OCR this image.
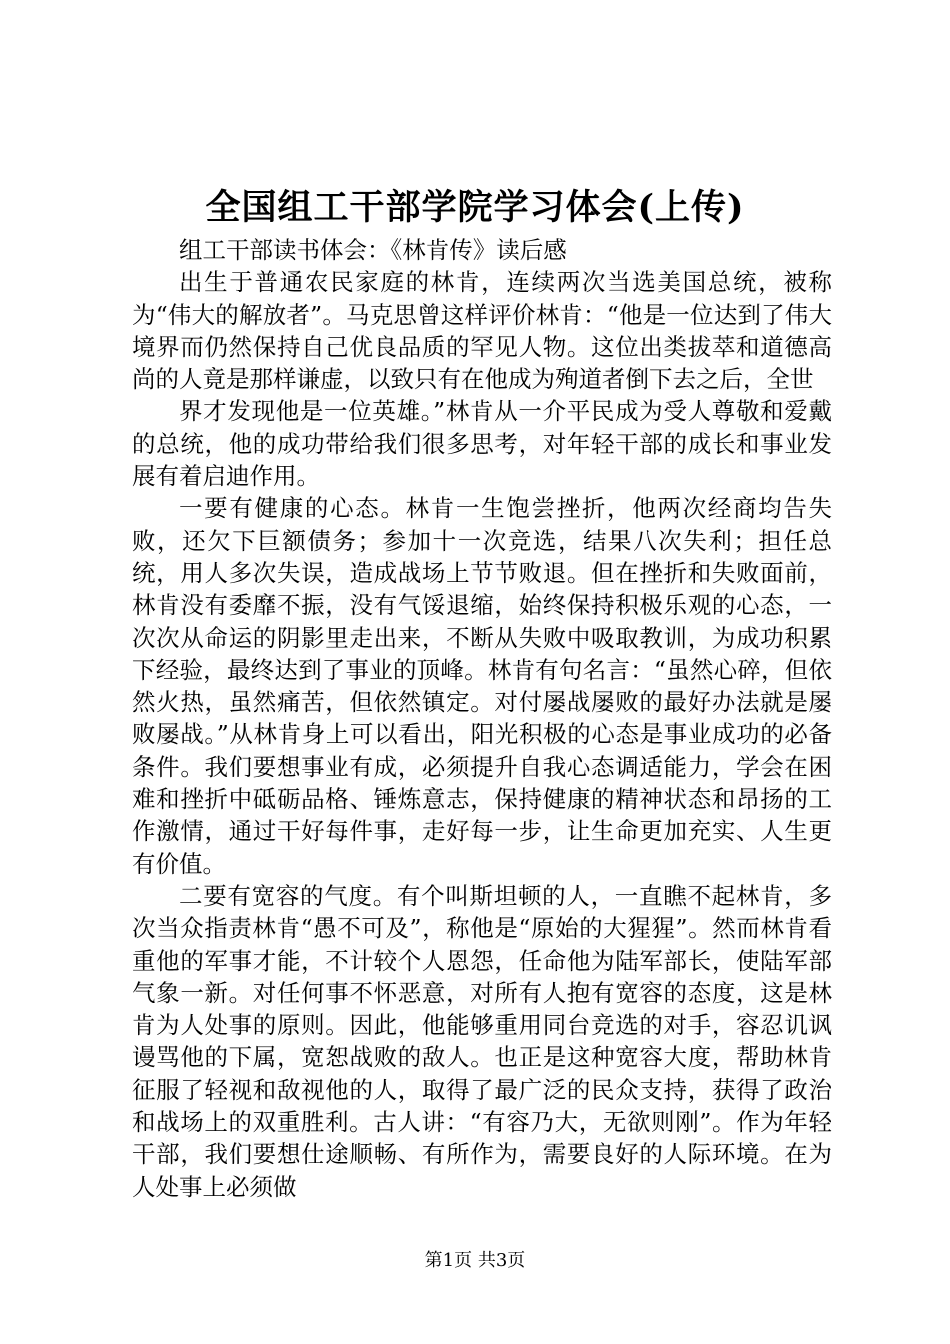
全国组工干部学院学习体会(上传)

组工干部读书体会：《林肯传》读后感

出生于普通农民家庭的林肯，连续两次当选美国总统，被称为“伟大的解放者”。马克思曾这样评价林肯：“他是一位达到了伟大境界而仍然保持自己优良品质的罕见人物。这位出类拔萃和道德高尚的人竟是那样谦虚，以致只有在他成为殉道者倒下去之后，全世

界才发现他是一位英雄。”林肯从一介平民成为受人尊敬和爱戴的总统，他的成功带给我们很多思考，对年轻干部的成长和事业发展有着启迪作用。

一要有健康的心态。林肯一生饱尝挫折，他两次经商均告失败，还欠下巨额债务；参加十一次竞选，结果八次失利；担任总统，用人多次失误，造成战场上节节败退。但在挫折和失败面前，林肯没有委靡不振，没有气馁退缩，始终保持积极乐观的心态，一次次从命运的阴影里走出来，不断从失败中吸取教训，为成功积累下经验，最终达到了事业的顶峰。林肯有句名言：“虽然心碎，但依然火热，虽然痛苦，但依然镇定。对付屡战屡败的最好办法就是屡败屡战。”从林肯身上可以看出，阳光积极的心态是事业成功的必备条件。我们要想事业有成，必须提升自我心态调适能力，学会在困难和挫折中砥砺品格、锤炼意志，保持健康的精神状态和昂扬的工作激情，通过干好每件事，走好每一步，让生命更加充实、人生更有价值。

二要有宽容的气度。有个叫斯坦顿的人，一直瞧不起林肯，多次当众指责林肯“愚不可及”，称他是“原始的大猩猩”。然而林肯看重他的军事才能，不计较个人恩怨，任命他为陆军部长，使陆军部气象一新。对任何事不怀恶意，对所有人抱有宽容的态度，这是林肯为人处事的原则。因此，他能够重用同台竞选的对手，容忍讥讽谩骂他的下属，宽恕战败的敌人。也正是这种宽容大度，帮助林肯征服了轻视和敌视他的人，取得了最广泛的民众支持，获得了政治和战场上的双重胜利。古人讲：“有容乃大，无欲则刚”。作为年轻干部，我们要想仕途顺畅、有所作为，需要良好的人际环境。在为人处事上必须做

第1页 共3页
